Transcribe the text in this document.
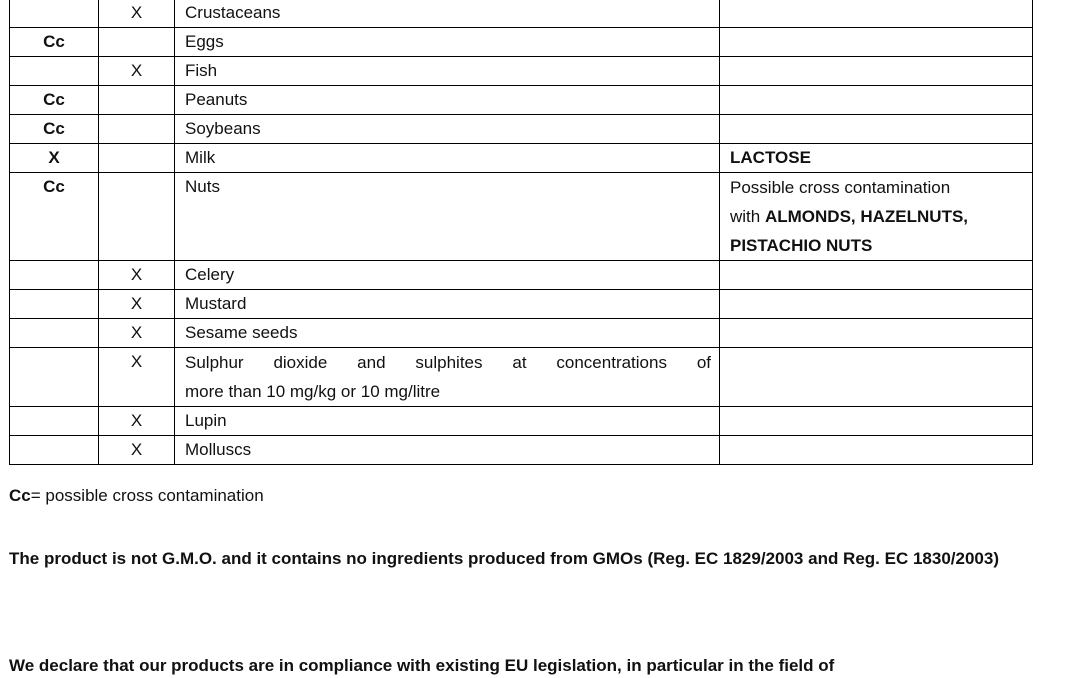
	X	Crustaceans	
Cc		Eggs	
	X	Fish	
Cc		Peanuts	
Cc		Soybeans	
X		Milk	LACTOSE
Cc		Nuts	Possible cross contamination
with ALMONDS, HAZELNUTS,
PISTACHIO NUTS

	X	Celery	
	X	Mustard	
	X	Sesame seeds	
	X	Sulphur dioxide and sulphites at concentrations of
more than 10 mg/kg or 10 mg/litre	

	X	Lupin	
	X	Molluscs	
Cc= possible cross contamination
The product is not G.M.O. and it contains no ingredients produced from GMOs (Reg. EC 1829/2003 and Reg. EC 1830/2003)
We declare that our products are in compliance with existing EU legislation, in particular in the field of
